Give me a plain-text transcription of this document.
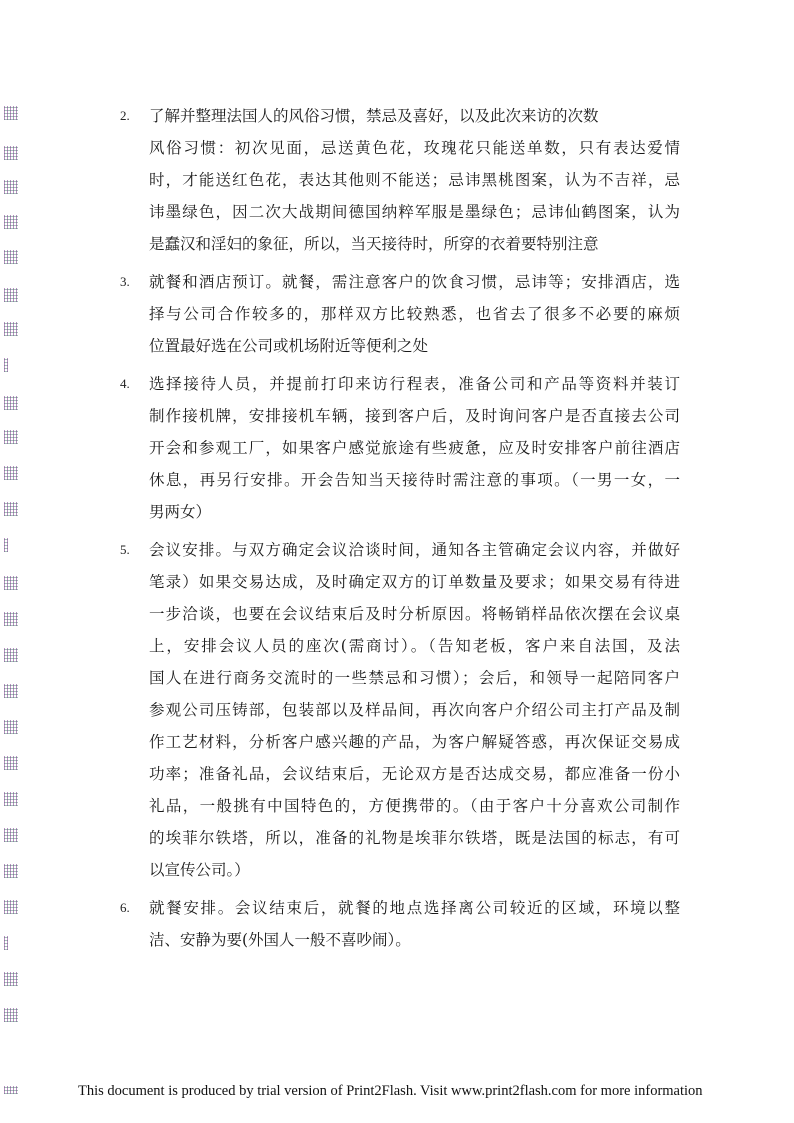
2. 了解并整理法国人的风俗习惯，禁忌及喜好，以及此次来访的次数
风俗习惯：初次见面，忌送黄色花，玫瑰花只能送单数，只有表达爱情
时，才能送红色花，表达其他则不能送；忌讳黑桃图案，认为不吉祥，忌
讳墨绿色，因二次大战期间德国纳粹军服是墨绿色；忌讳仙鹤图案，认为
是蠢汉和淫妇的象征，所以，当天接待时，所穿的衣着要特别注意
3. 就餐和酒店预订。就餐，需注意客户的饮食习惯，忌讳等；安排酒店，选
择与公司合作较多的，那样双方比较熟悉，也省去了很多不必要的麻烦
位置最好选在公司或机场附近等便利之处
4. 选择接待人员，并提前打印来访行程表，准备公司和产品等资料并装订
制作接机牌，安排接机车辆，接到客户后，及时询问客户是否直接去公司
开会和参观工厂，如果客户感觉旅途有些疲惫，应及时安排客户前往酒店
休息，再另行安排。开会告知当天接待时需注意的事项。（一男一女，一
男两女）
5. 会议安排。与双方确定会议洽谈时间，通知各主管确定会议内容，并做好
笔录）如果交易达成，及时确定双方的订单数量及要求；如果交易有待进
一步洽谈，也要在会议结束后及时分析原因。将畅销样品依次摆在会议桌
上，安排会议人员的座次(需商讨）。（告知老板，客户来自法国，及法
国人在进行商务交流时的一些禁忌和习惯）；会后，和领导一起陪同客户
参观公司压铸部，包装部以及样品间，再次向客户介绍公司主打产品及制
作工艺材料，分析客户感兴趣的产品，为客户解疑答惑，再次保证交易成
功率；准备礼品，会议结束后，无论双方是否达成交易，都应准备一份小
礼品，一般挑有中国特色的，方便携带的。（由于客户十分喜欢公司制作
的埃菲尔铁塔，所以，准备的礼物是埃菲尔铁塔，既是法国的标志，有可
以宣传公司。）
6. 就餐安排。会议结束后，就餐的地点选择离公司较近的区域，环境以整
洁、安静为要(外国人一般不喜吵闹）。
This document is produced by trial version of Print2Flash. Visit www.print2flash.com for more information
